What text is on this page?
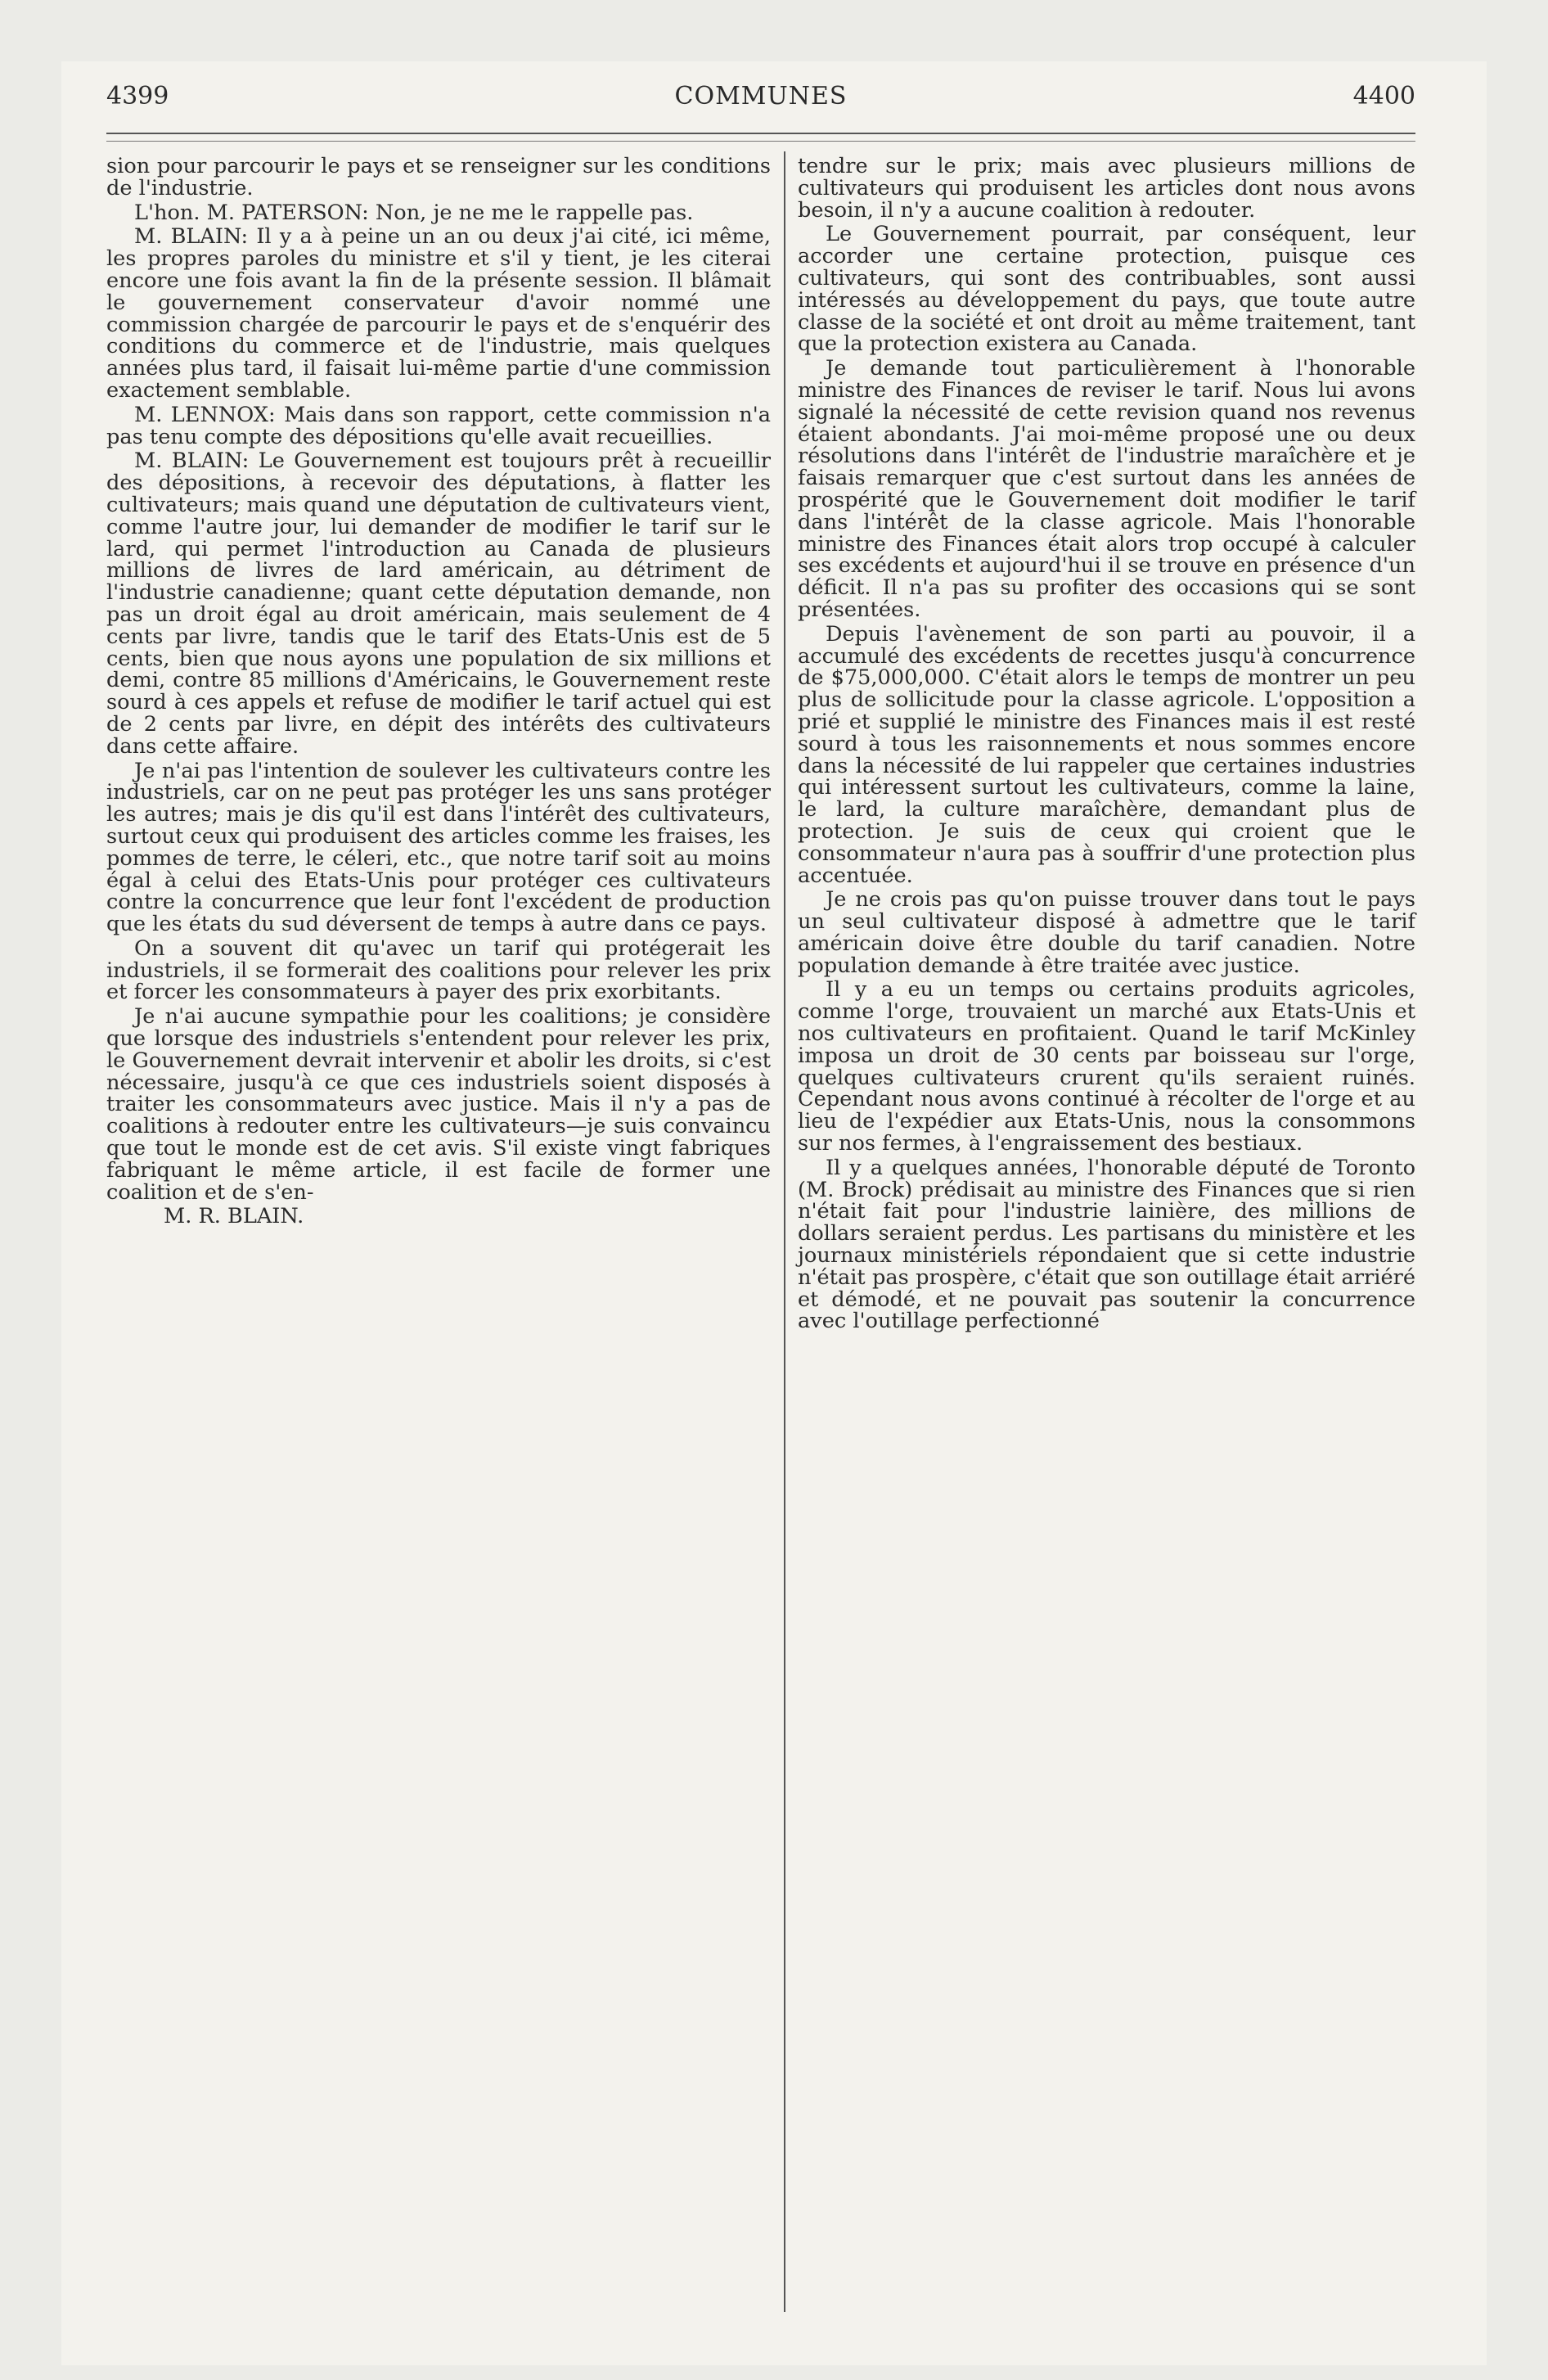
4399	COMMUNES	4400

sion pour parcourir le pays et se renseigner sur les conditions de l'industrie.

L'hon. M. PATERSON: Non, je ne me le rappelle pas.

M. BLAIN: Il y a à peine un an ou deux j'ai cité, ici même, les propres paroles du ministre et s'il y tient, je les citerai encore une fois avant la fin de la présente session. Il blâmait le gouvernement conservateur d'avoir nommé une commission chargée de parcourir le pays et de s'enquérir des conditions du commerce et de l'industrie, mais quelques années plus tard, il faisait lui-même partie d'une commission exactement semblable.

M. LENNOX: Mais dans son rapport, cette commission n'a pas tenu compte des dépositions qu'elle avait recueillies.

M. BLAIN: Le Gouvernement est toujours prêt à recueillir des dépositions, à recevoir des députations, à flatter les cultivateurs; mais quand une députation de cultivateurs vient, comme l'autre jour, lui demander de modifier le tarif sur le lard, qui permet l'introduction au Canada de plusieurs millions de livres de lard américain, au détriment de l'industrie canadienne; quant cette députation demande, non pas un droit égal au droit américain, mais seulement de 4 cents par livre, tandis que le tarif des Etats-Unis est de 5 cents, bien que nous ayons une population de six millions et demi, contre 85 millions d'Américains, le Gouvernement reste sourd à ces appels et refuse de modifier le tarif actuel qui est de 2 cents par livre, en dépit des intérêts des cultivateurs dans cette affaire.

Je n'ai pas l'intention de soulever les cultivateurs contre les industriels, car on ne peut pas protéger les uns sans protéger les autres; mais je dis qu'il est dans l'intérêt des cultivateurs, surtout ceux qui produisent des articles comme les fraises, les pommes de terre, le céleri, etc., que notre tarif soit au moins égal à celui des Etats-Unis pour protéger ces cultivateurs contre la concurrence que leur font l'excédent de production que les états du sud déversent de temps à autre dans ce pays.

On a souvent dit qu'avec un tarif qui protégerait les industriels, il se formerait des coalitions pour relever les prix et forcer les consommateurs à payer des prix exorbitants.

Je n'ai aucune sympathie pour les coalitions; je considère que lorsque des industriels s'entendent pour relever les prix, le Gouvernement devrait intervenir et abolir les droits, si c'est nécessaire, jusqu'à ce que ces industriels soient disposés à traiter les consommateurs avec justice. Mais il n'y a pas de coalitions à redouter entre les cultivateurs—je suis convaincu que tout le monde est de cet avis. S'il existe vingt fabriques fabriquant le même article, il est facile de former une coalition et de s'en-

M. R. BLAIN.

tendre sur le prix; mais avec plusieurs millions de cultivateurs qui produisent les articles dont nous avons besoin, il n'y a aucune coalition à redouter.

Le Gouvernement pourrait, par conséquent, leur accorder une certaine protection, puisque ces cultivateurs, qui sont des contribuables, sont aussi intéressés au développement du pays, que toute autre classe de la société et ont droit au même traitement, tant que la protection existera au Canada.

Je demande tout particulièrement à l'honorable ministre des Finances de reviser le tarif. Nous lui avons signalé la nécessité de cette revision quand nos revenus étaient abondants. J'ai moi-même proposé une ou deux résolutions dans l'intérêt de l'industrie maraîchère et je faisais remarquer que c'est surtout dans les années de prospérité que le Gouvernement doit modifier le tarif dans l'intérêt de la classe agricole. Mais l'honorable ministre des Finances était alors trop occupé à calculer ses excédents et aujourd'hui il se trouve en présence d'un déficit. Il n'a pas su profiter des occasions qui se sont présentées.

Depuis l'avènement de son parti au pouvoir, il a accumulé des excédents de recettes jusqu'à concurrence de $75,000,000. C'était alors le temps de montrer un peu plus de sollicitude pour la classe agricole. L'opposition a prié et supplié le ministre des Finances mais il est resté sourd à tous les raisonnements et nous sommes encore dans la nécessité de lui rappeler que certaines industries qui intéressent surtout les cultivateurs, comme la laine, le lard, la culture maraîchère, demandant plus de protection. Je suis de ceux qui croient que le consommateur n'aura pas à souffrir d'une protection plus accentuée.

Je ne crois pas qu'on puisse trouver dans tout le pays un seul cultivateur disposé à admettre que le tarif américain doive être double du tarif canadien. Notre population demande à être traitée avec justice.

Il y a eu un temps ou certains produits agricoles, comme l'orge, trouvaient un marché aux Etats-Unis et nos cultivateurs en profitaient. Quand le tarif McKinley imposa un droit de 30 cents par boisseau sur l'orge, quelques cultivateurs crurent qu'ils seraient ruinés. Cependant nous avons continué à récolter de l'orge et au lieu de l'expédier aux Etats-Unis, nous la consommons sur nos fermes, à l'engraissement des bestiaux.

Il y a quelques années, l'honorable député de Toronto (M. Brock) prédisait au ministre des Finances que si rien n'était fait pour l'industrie lainière, des millions de dollars seraient perdus. Les partisans du ministère et les journaux ministériels répondaient que si cette industrie n'était pas prospère, c'était que son outillage était arriéré et démodé, et ne pouvait pas soutenir la concurrence avec l'outillage perfectionné
